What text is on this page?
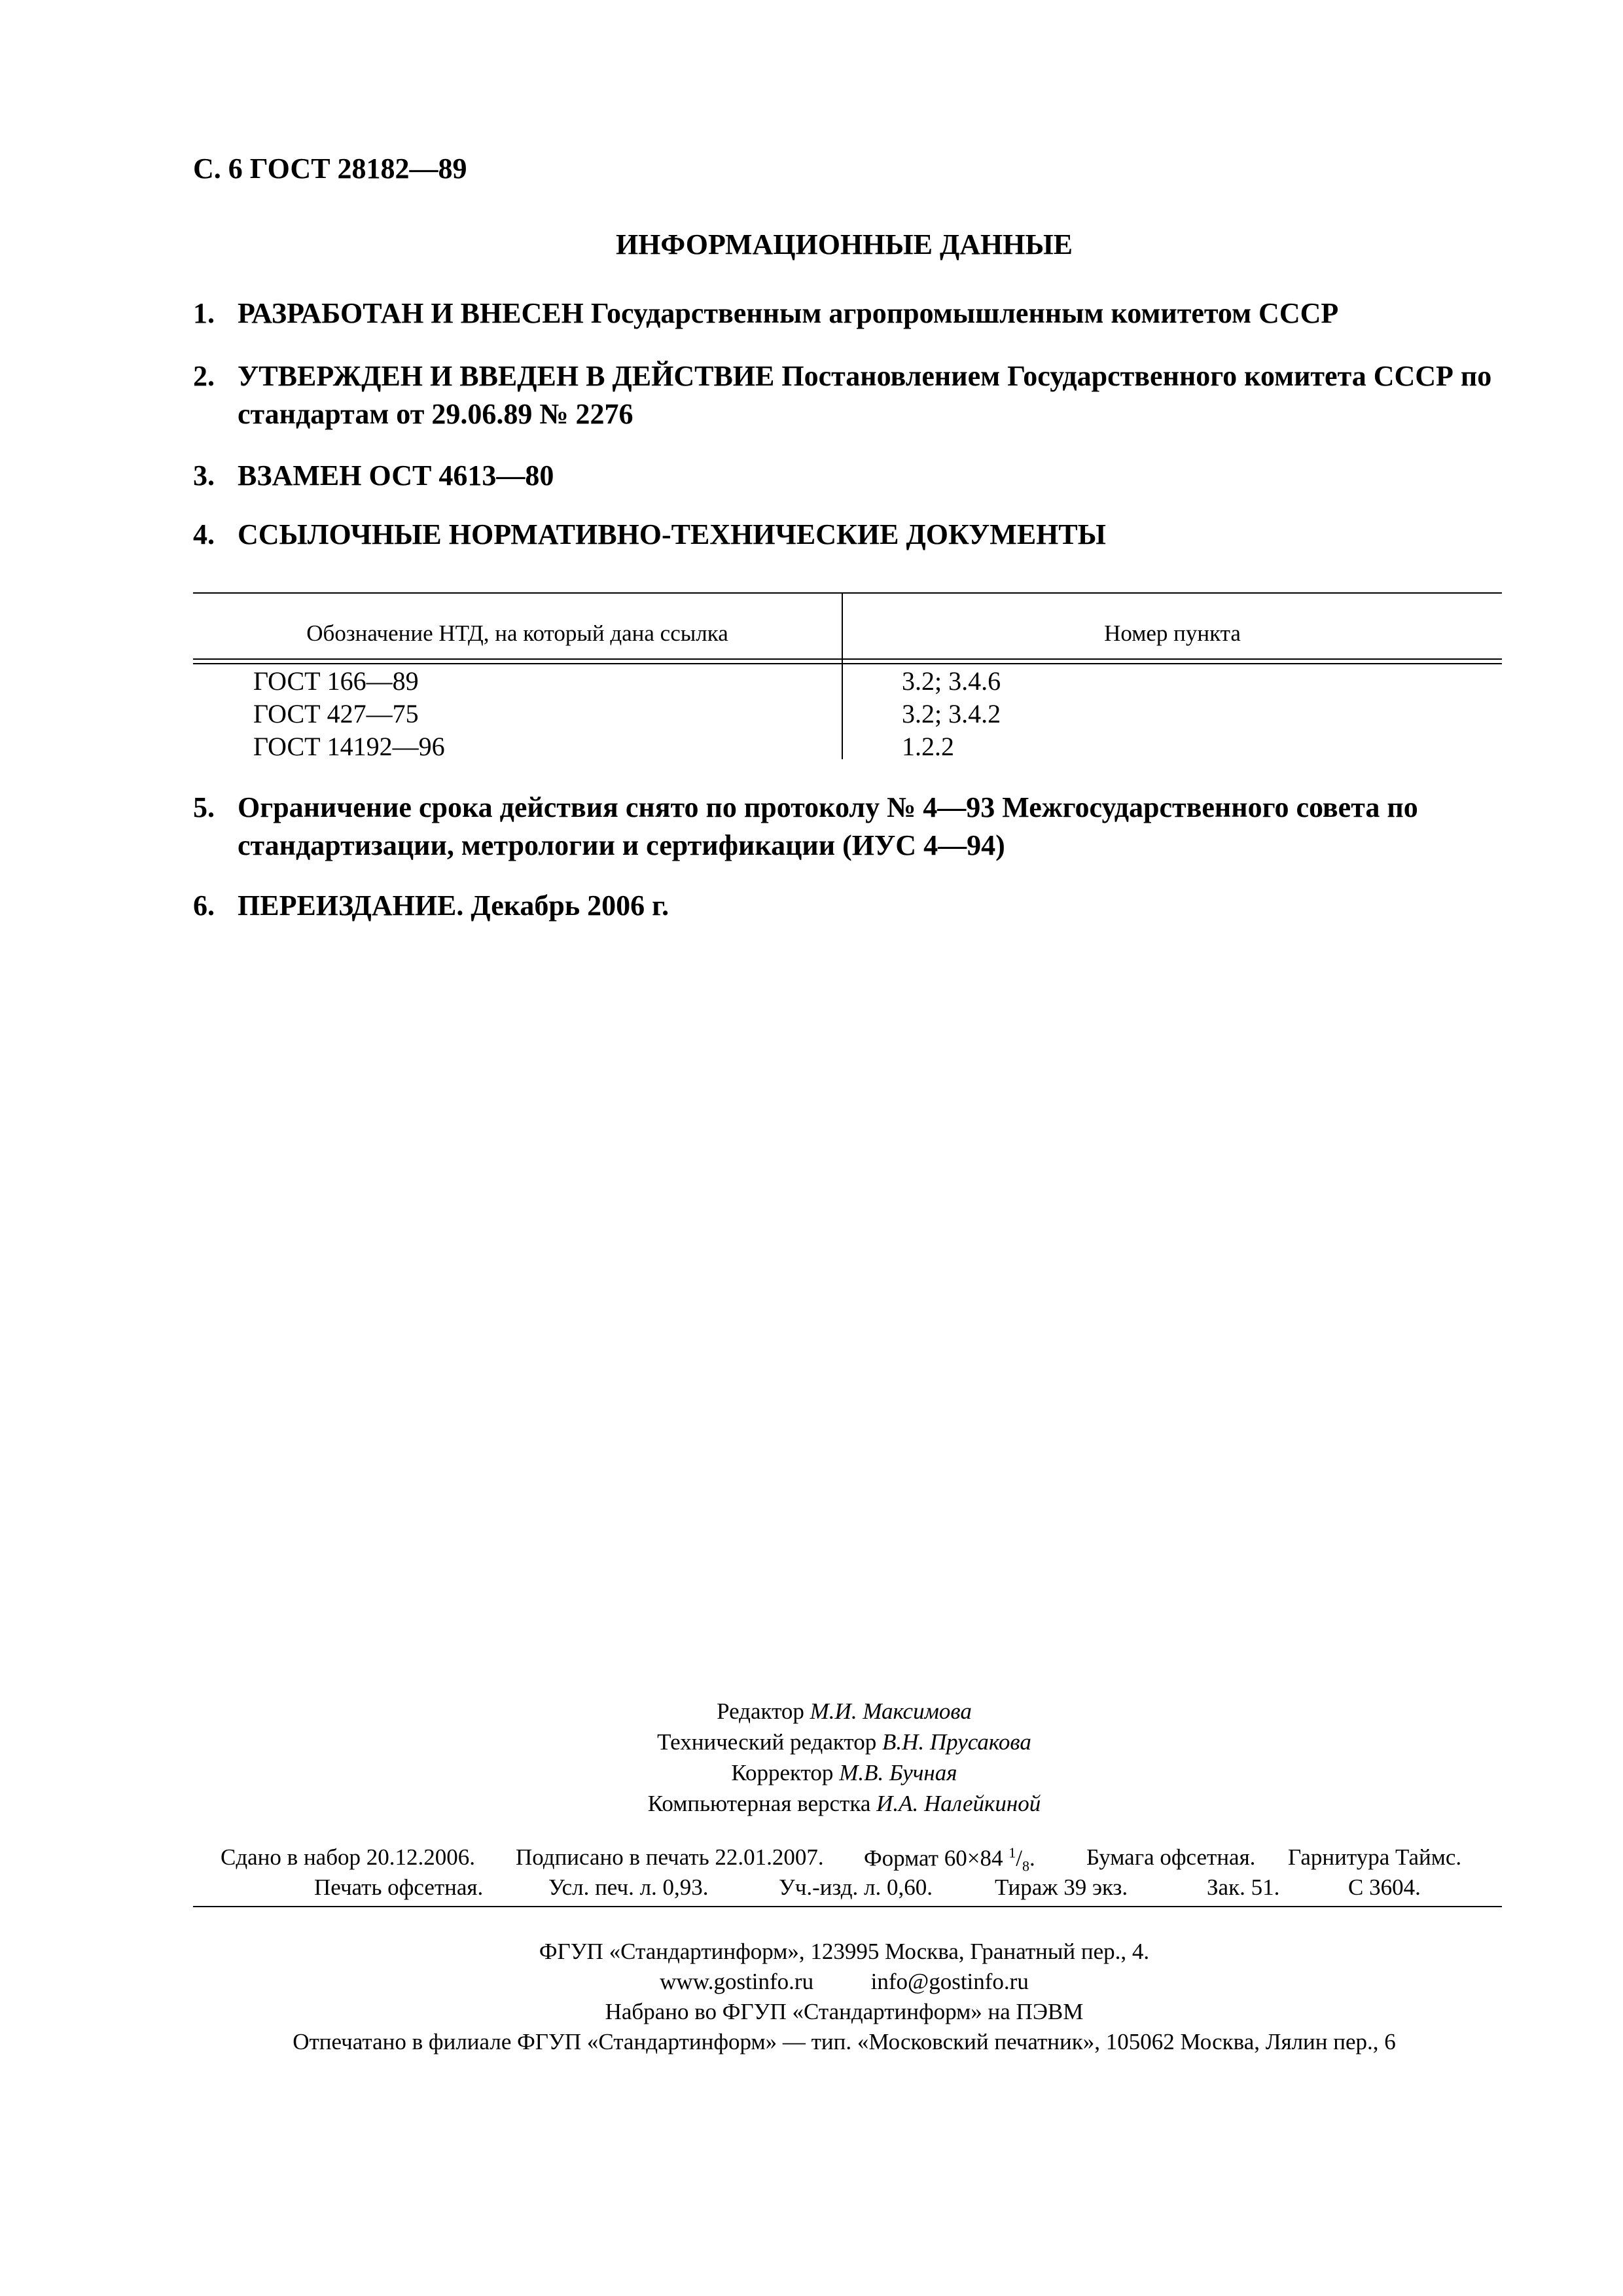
С. 6 ГОСТ 28182—89
ИНФОРМАЦИОННЫЕ ДАННЫЕ
1. РАЗРАБОТАН И ВНЕСЕН Государственным агропромышленным комитетом СССР
2. УТВЕРЖДЕН И ВВЕДЕН В ДЕЙСТВИЕ Постановлением Государственного комитета СССР по стандартам от 29.06.89 № 2276
3. ВЗАМЕН ОСТ 4613—80
4. ССЫЛОЧНЫЕ НОРМАТИВНО-ТЕХНИЧЕСКИЕ ДОКУМЕНТЫ
Обозначение НТД, на который дана ссылка	Номер пункта
ГОСТ 166—89	3.2; 3.4.6
ГОСТ 427—75	3.2; 3.4.2
ГОСТ 14192—96	1.2.2
5. Ограничение срока действия снято по протоколу № 4—93 Межгосударственного совета по стандартизации, метрологии и сертификации (ИУС 4—94)
6. ПЕРЕИЗДАНИЕ. Декабрь 2006 г.
Редактор М.И. Максимова
Технический редактор В.Н. Прусакова
Корректор М.В. Бучная
Компьютерная верстка И.А. Налейкиной
Сдано в набор 20.12.2006. Подписано в печать 22.01.2007. Формат 60×84 $^1/_8$. Бумага офсетная. Гарнитура Таймс.
Печать офсетная.	Усл. печ. л. 0,93.	Уч.-изд. л. 0,60.	Тираж 39 экз.	Зак. 51.	С 3604.
ФГУП «Стандартинформ», 123995 Москва, Гранатный пер., 4.
www.gostinfo.ru	info@gostinfo.ru
Набрано во ФГУП «Стандартинформ» на ПЭВМ
Отпечатано в филиале ФГУП «Стандартинформ» — тип. «Московский печатник», 105062 Москва, Лялин пер., 6
